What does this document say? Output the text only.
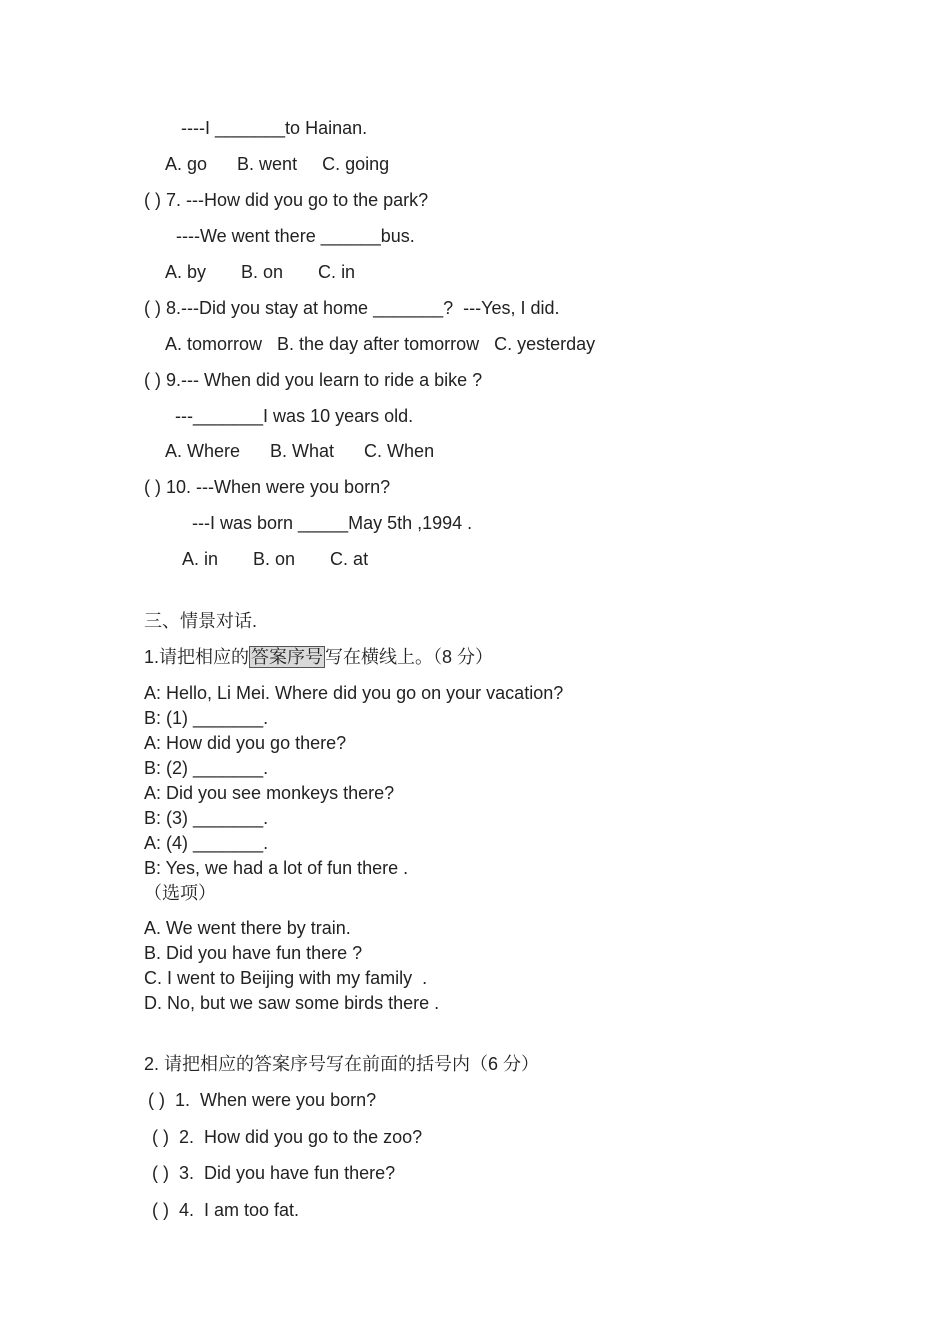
----I _______to Hainan.
A. go      B. went     C. going
( ) 7. ---How did you go to the park?
----We went there ______bus.
A. by       B. on       C. in
( ) 8.---Did you stay at home _______?  ---Yes, I did.
A. tomorrow   B. the day after tomorrow   C. yesterday
( ) 9.--- When did you learn to ride a bike ?
---_______I was 10 years old.
A. Where      B. What      C. When
( ) 10. ---When were you born?
---I was born _____May 5th ,1994 .
A. in       B. on       C. at
三、情景对话.
1.请把相应的 答案序号 写在横线上。（8 分）
A: Hello, Li Mei. Where did you go on your vacation?
B: (1) _______.
A: How did you go there?
B: (2) _______.
A: Did you see monkeys there?
B: (3) _______.
A: (4) _______.
B: Yes, we had a lot of fun there .
（选项）
A. We went there by train.
B. Did you have fun there ?
C. I went to Beijing with my family  .
D. No, but we saw some birds there .
2. 请把相应的答案序号写在前面的括号内（6 分）
( )  1.  When were you born?
( )  2.  How did you go to the zoo?
( )  3.  Did you have fun there?
( )  4.  I am too fat.
